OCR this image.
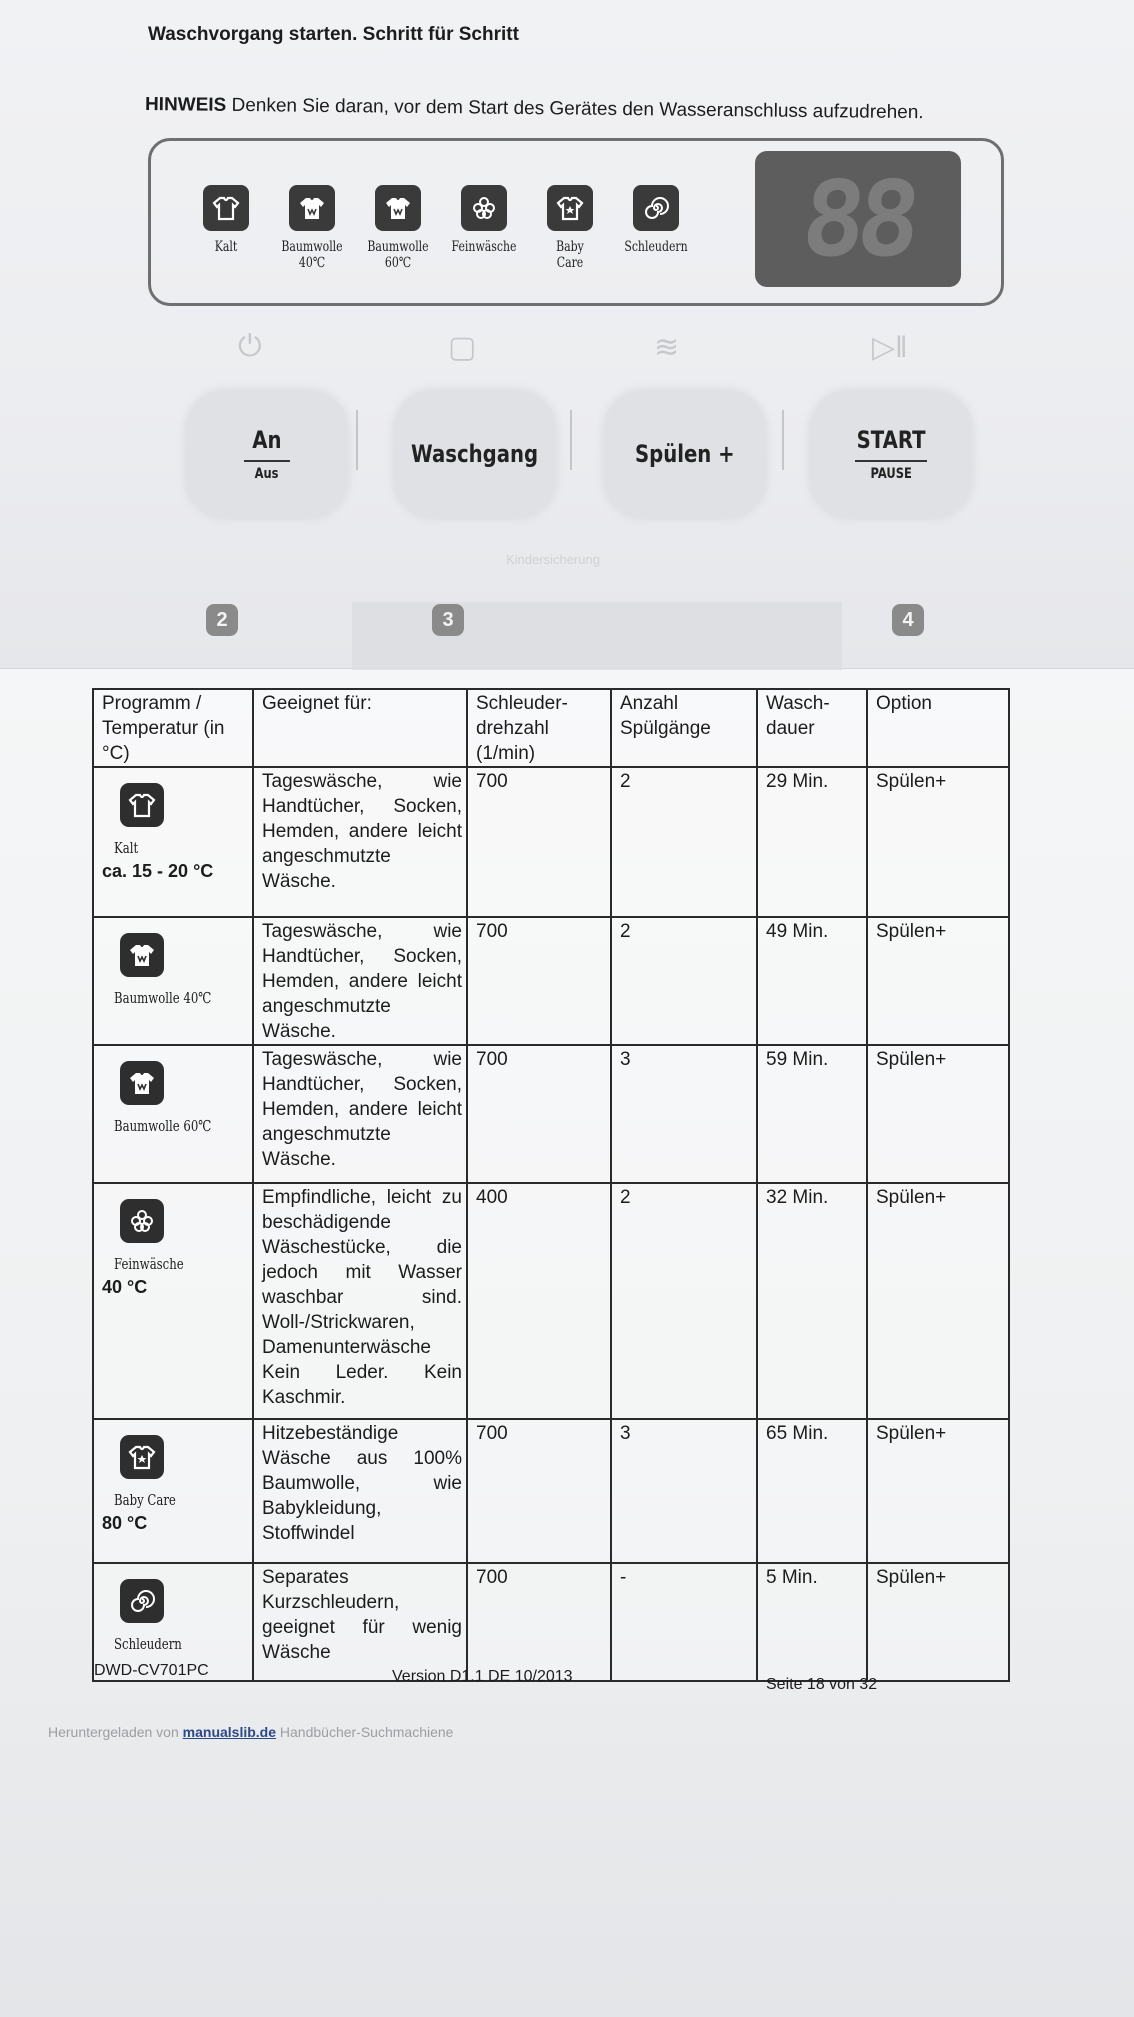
Waschvorgang starten. Schritt für Schritt
HINWEIS Denken Sie daran, vor dem Start des Gerätes den Wasseranschluss aufzudrehen.
Kalt	Baumwolle
40℃
Baumwolle
60℃
Feinwäsche	Baby
Care
Schleudern 88
⏻	▢	≋	▷‖
An
Aus
Waschgang	Spülen +	START
PAUSE
Kindersicherung
2	3	4
Programm / Temperatur (in °C)	Geeignet für:	Schleuder-drehzahl (1/min)	Anzahl Spülgänge	Wasch-dauer	Option

Kalt
ca. 15 - 20 °C	Tageswäsche, wie Handtücher, Socken, Hemden, andere leicht angeschmutzte Wäsche.	700	2	29 Min.	Spülen+

Baumwolle 40℃	Tageswäsche, wie Handtücher, Socken, Hemden, andere leicht angeschmutzte Wäsche.	700	2	49 Min.	Spülen+

Baumwolle 60℃	Tageswäsche, wie Handtücher, Socken, Hemden, andere leicht angeschmutzte Wäsche.	700	3	59 Min.	Spülen+

Feinwäsche
40 °C	Empfindliche, leicht zu beschädigende Wäschestücke, die jedoch mit Wasser waschbar sind. Woll-/Strickwaren, Damenunterwäsche Kein Leder. Kein Kaschmir.	400	2	32 Min.	Spülen+

Baby Care
80 °C	Hitzebeständige Wäsche aus 100% Baumwolle, wie Babykleidung, Stoffwindel	700	3	65 Min.	Spülen+

Schleudern	Separates Kurzschleudern, geeignet für wenig Wäsche	700	-	5 Min.	Spülen+
DWD-CV701PC	Version D1.1 DE 10/2013	Seite 18 von 32
Heruntergeladen von manualslib.de Handbücher-Suchmachiene
